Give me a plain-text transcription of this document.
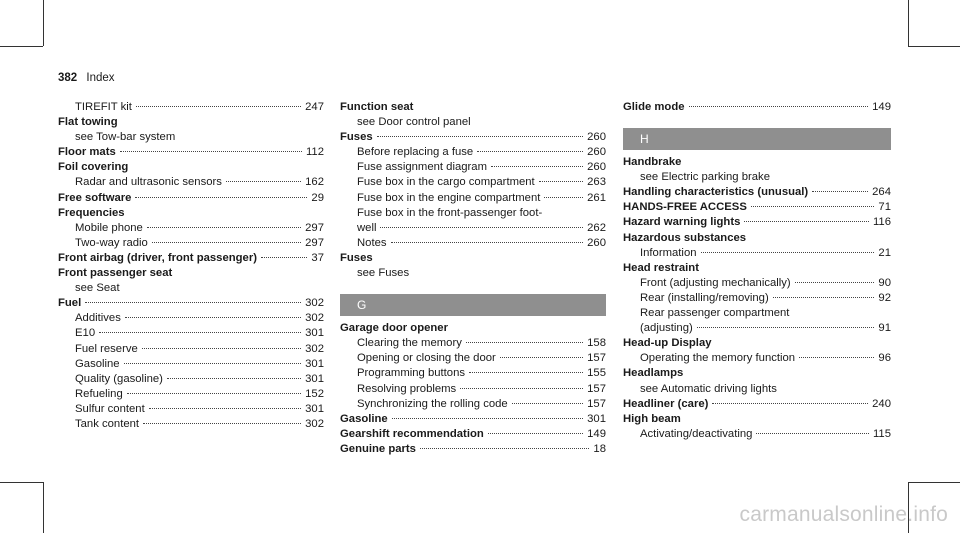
382 Index
TIREFIT kit	247
Flat towing
see Tow-bar system
Floor mats	112
Foil covering
Radar and ultrasonic sensors	162
Free software	29
Frequencies
Mobile phone	297
Two-way radio	297
Front airbag (driver, front passenger)	37
Front passenger seat
see Seat
Fuel	302
Additives	302
E10	301
Fuel reserve	302
Gasoline	301
Quality (gasoline)	301
Refueling	152
Sulfur content	301
Tank content	302
Function seat
see Door control panel
Fuses	260
Before replacing a fuse	260
Fuse assignment diagram	260
Fuse box in the cargo compartment	263
Fuse box in the engine compartment	261
Fuse box in the front-passenger foot-
well	262
Notes	260
Fuses
see Fuses
G
Garage door opener
Clearing the memory	158
Opening or closing the door	157
Programming buttons	155
Resolving problems	157
Synchronizing the rolling code	157
Gasoline	301
Gearshift recommendation	149
Genuine parts	18
Glide mode	149
H
Handbrake
see Electric parking brake
Handling characteristics (unusual)	264
HANDS-FREE ACCESS	71
Hazard warning lights	116
Hazardous substances
Information	21
Head restraint
Front (adjusting mechanically)	90
Rear (installing/removing)	92
Rear passenger compartment
(adjusting)	91
Head-up Display
Operating the memory function	96
Headlamps
see Automatic driving lights
Headliner (care)	240
High beam
Activating/deactivating	115
carmanualsonline.info
